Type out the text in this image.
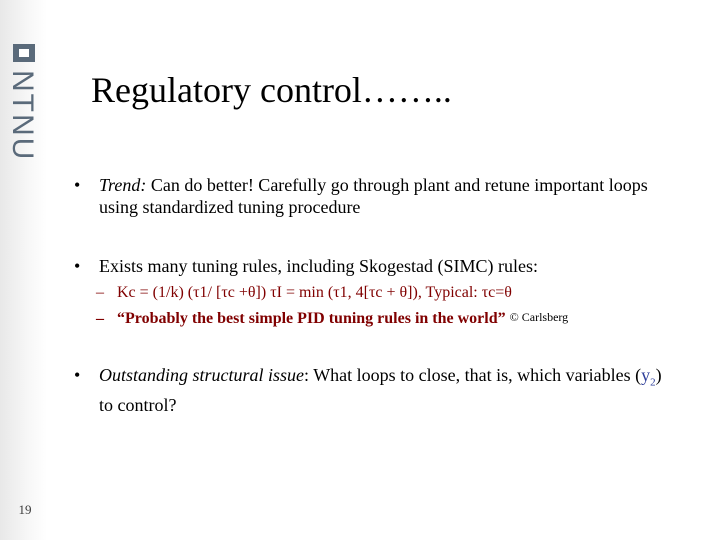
NTNU
19
Regulatory control……..
• Trend: Can do better! Carefully go through plant and retune important loops using standardized tuning procedure
• Exists many tuning rules, including Skogestad (SIMC) rules:
– Kc = (1/k) (τ1/ [τc +θ]) τI = min (τ1, 4[τc + θ]), Typical: τc=θ
– “Probably the best simple PID tuning rules in the world” $^{© Carlsberg}$
• Outstanding structural issue: What loops to close, that is, which variables $(y_2)$ to control?
